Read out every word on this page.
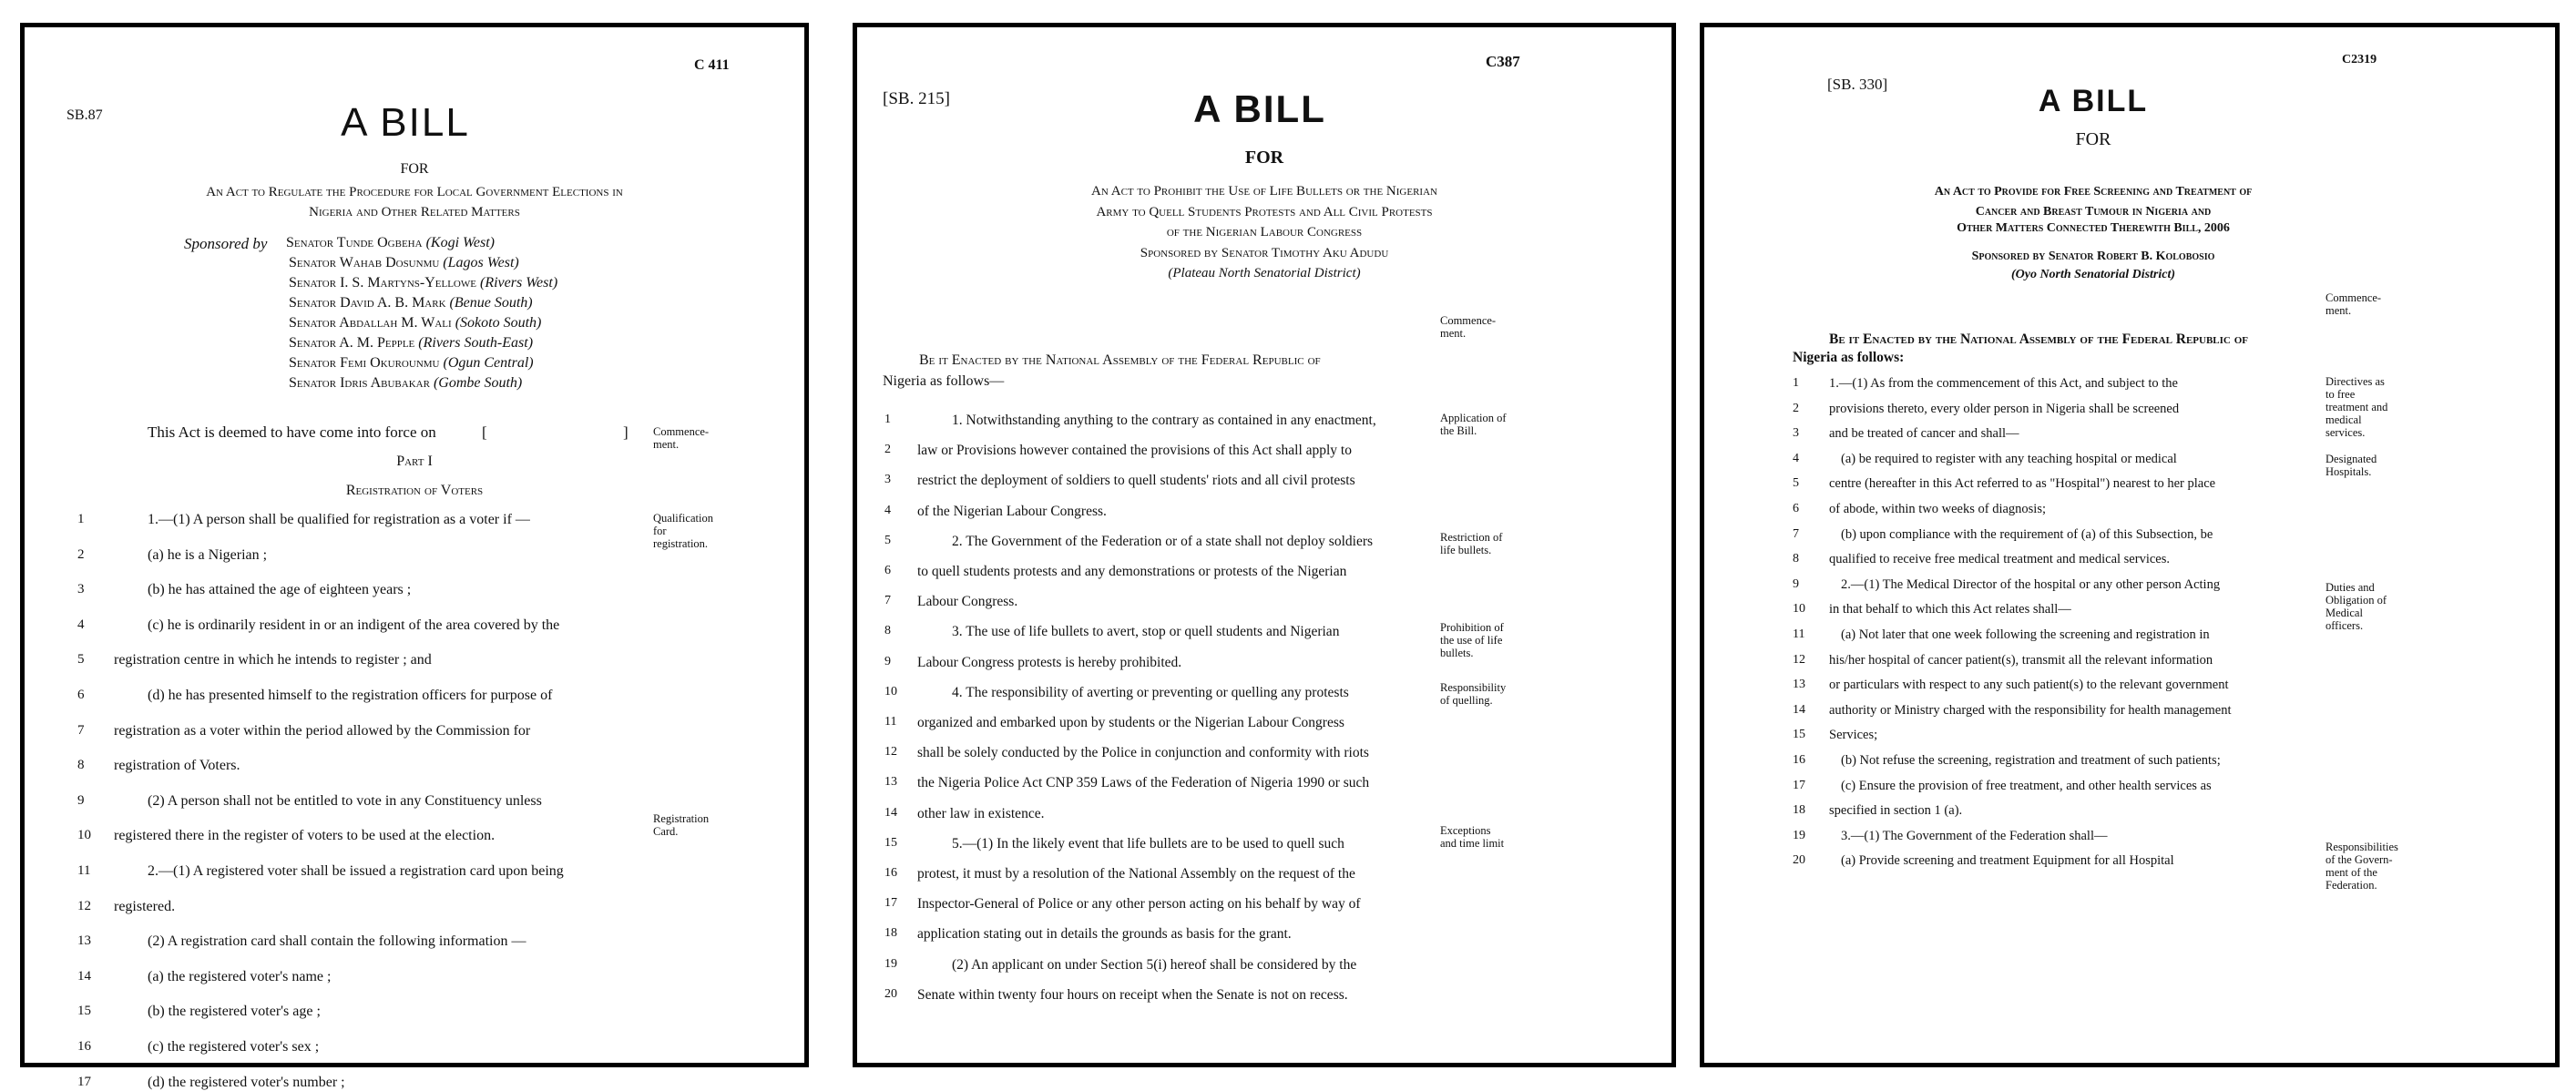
C 411
SB.87	A BILL
FOR
An Act to Regulate the Procedure for Local Government Elections in
Nigeria and Other Related Matters
Sponsored by Senator Tunde Ogbeha (Kogi West)
Senator Wahab Dosunmu (Lagos West)
Senator I. S. Martyns-Yellowe (Rivers West)
Senator David A. B. Mark (Benue South)
Senator Abdallah M. Wali (Sokoto South)
Senator A. M. Pepple (Rivers South-East)
Senator Femi Okurounmu (Ogun Central)
Senator Idris Abubakar (Gombe South)
This Act is deemed to have come into force on	[	]
Part I
Registration of Voters
Commence-
ment.
Qualification
for
registration.
Registration
Card.
1	1.—(1) A person shall be qualified for registration as a voter if —
2	(a) he is a Nigerian ;
3	(b) he has attained the age of eighteen years ;
4	(c) he is ordinarily resident in or an indigent of the area covered by the
5 registration centre in which he intends to register ; and
6	(d) he has presented himself to the registration officers for purpose of
7 registration as a voter within the period allowed by the Commission for
8 registration of Voters.
9	(2) A person shall not be entitled to vote in any Constituency unless
10 registered there in the register of voters to be used at the election.
11	2.—(1) A registered voter shall be issued a registration card upon being
12 registered.
13	(2) A registration card shall contain the following information —
14	(a) the registered voter's name ;
15	(b) the registered voter's age ;
16	(c) the registered voter's sex ;
17	(d) the registered voter's number ;

C387
[SB. 215]	A BILL
FOR
An Act to Prohibit the Use of Life Bullets or the Nigerian
Army to Quell Students Protests and All Civil Protests
of the Nigerian Labour Congress
Sponsored by Senator Timothy Aku Adudu
(Plateau North Senatorial District)
Be it Enacted by the National Assembly of the Federal Republic of
Nigeria as follows—
Commence-
ment.
Application of
the Bill.
Restriction of
life bullets.
Prohibition of
the use of life
bullets.
Responsibility
of quelling.
Exceptions
and time limit
1	1. Notwithstanding anything to the contrary as contained in any enactment,
2 law or Provisions however contained the provisions of this Act shall apply to
3 restrict the deployment of soldiers to quell students' riots and all civil protests
4 of the Nigerian Labour Congress.
5	2. The Government of the Federation or of a state shall not deploy soldiers
6 to quell students protests and any demonstrations or protests of the Nigerian
7 Labour Congress.
8	3. The use of life bullets to avert, stop or quell students and Nigerian
9 Labour Congress protests is hereby prohibited.
10	4. The responsibility of averting or preventing or quelling any protests
11 organized and embarked upon by students or the Nigerian Labour Congress
12 shall be solely conducted by the Police in conjunction and conformity with riots
13 the Nigeria Police Act CNP 359 Laws of the Federation of Nigeria 1990 or such
14 other law in existence.
15	5.—(1) In the likely event that life bullets are to be used to quell such
16 protest, it must by a resolution of the National Assembly on the request of the
17 Inspector-General of Police or any other person acting on his behalf by way of
18 application stating out in details the grounds as basis for the grant.
19	(2) An applicant on under Section 5(i) hereof shall be considered by the
20 Senate within twenty four hours on receipt when the Senate is not on recess.
C2319
[SB. 330]	A BILL
FOR
An Act to Provide for Free Screening and Treatment of
Cancer and Breast Tumour in Nigeria and
Other Matters Connected Therewith Bill, 2006
Sponsored by Senator Robert B. Kolobosio
(Oyo North Senatorial District)
Be it Enacted by the National Assembly of the Federal Republic of
Nigeria as follows:
Commence-
ment.
Directives as
to free
treatment and
medical
services.
Designated
Hospitals.
Duties and
Obligation of
Medical
officers.
Responsibilities
of the Govern-
ment of the
Federation.
1 1.—(1) As from the commencement of this Act, and subject to the
2 provisions thereto, every older person in Nigeria shall be screened
3 and be treated of cancer and shall—
4	(a) be required to register with any teaching hospital or medical
5 centre (hereafter in this Act referred to as "Hospital") nearest to her place
6 of abode, within two weeks of diagnosis;
7	(b) upon compliance with the requirement of (a) of this Subsection, be
8 qualified to receive free medical treatment and medical services.
9	2.—(1) The Medical Director of the hospital or any other person Acting
10 in that behalf to which this Act relates shall—
11	(a) Not later that one week following the screening and registration in
12 his/her hospital of cancer patient(s), transmit all the relevant information
13 or particulars with respect to any such patient(s) to the relevant government
14 authority or Ministry charged with the responsibility for health management
15 Services;
16	(b) Not refuse the screening, registration and treatment of such patients;
17	(c) Ensure the provision of free treatment, and other health services as
18 specified in section 1 (a).
19	3.—(1) The Government of the Federation shall—
20	(a) Provide screening and treatment Equipment for all Hospital
